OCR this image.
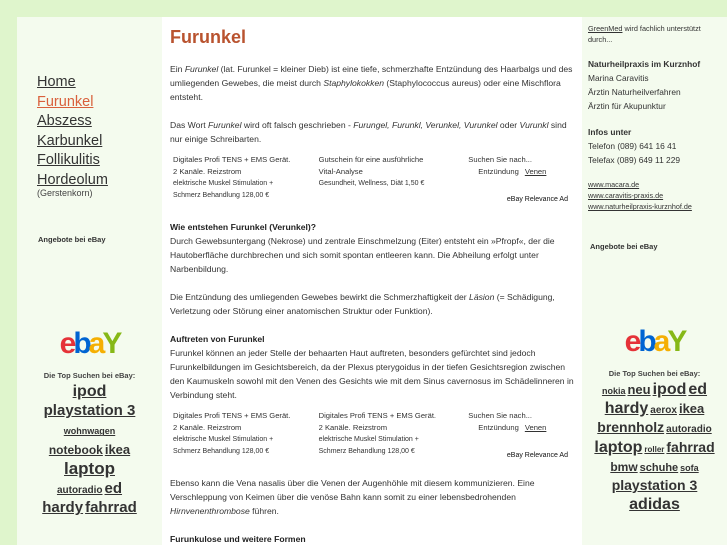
Home
Furunkel
Abszess
Karbunkel
Follikulitis
Hordeolum
(Gerstenkorn)
Angebote bei eBay
ebaY
Die Top Suchen bei eBay:
ipod
playstation 3
wohnwagen
notebook ikea
laptop
autoradio ed
hardy fahrrad
Furunkel

Ein Furunkel (lat. Furunkel = kleiner Dieb) ist eine tiefe, schmerzhafte Entzündung des Haarbalgs und des umliegenden Gewebes, die meist durch Staphylokokken (Staphylococcus aureus) oder eine Mischflora entsteht.

Das Wort Furunkel wird oft falsch geschrieben - Furungel, Furunkl, Verunkel, Vurunkel oder Vurunkl sind nur einige Schreibarten.

Digitales Profi TENS + EMS Gerät.
2 Kanäle. Reizstrom
elektrische Muskel Stimulation +
Schmerz Behandlung 128,00 €
Gutschein für eine ausführliche
Vital-Analyse
Gesundheit, Wellness, Diät 1,50 €
Suchen Sie nach...
Entzündung Venen
eBay Relevance Ad
Wie entstehen Furunkel (Verunkel)?

Durch Gewebsuntergang (Nekrose) und zentrale Einschmelzung (Eiter) entsteht ein »Pfropf«, der die Hautoberfläche durchbrechen und sich somit spontan entleeren kann. Die Abheilung erfolgt unter Narbenbildung.

Die Entzündung des umliegenden Gewebes bewirkt die Schmerzhaftigkeit der Läsion (= Schädigung, Verletzung oder Störung einer anatomischen Struktur oder Funktion).

Auftreten von Furunkel

Furunkel können an jeder Stelle der behaarten Haut auftreten, besonders gefürchtet sind jedoch Furunkelbildungen im Gesichtsbereich, da der Plexus pterygoidus in der tiefen Gesichtsregion zwischen den Kaumuskeln sowohl mit den Venen des Gesichts wie mit dem Sinus cavernosus im Schädelinneren in Verbindung steht.

Digitales Profi TENS + EMS Gerät.
2 Kanäle. Reizstrom
elektrische Muskel Stimulation +
Schmerz Behandlung 128,00 €
Digitales Profi TENS + EMS Gerät.
2 Kanäle. Reizstrom
elektrische Muskel Stimulation +
Schmerz Behandlung 128,00 €
Suchen Sie nach...
Entzündung Venen
eBay Relevance Ad

Ebenso kann die Vena nasalis über die Venen der Augenhöhle mit diesem kommunizieren. Eine Verschleppung von Keimen über die venöse Bahn kann somit zu einer lebensbedrohenden Hirnvenenthrombose führen.

Furunkulose und weitere Formen
GreenMed wird fachlich unterstützt durch...
Naturheilpraxis im Kurznhof
Marina Caravitis
Ärztin Naturheilverfahren
Ärztin für Akupunktur
Infos unter
Telefon (089) 641 16 41
Telefax (089) 649 11 229
www.macara.de
www.caravitis-praxis.de
www.naturheilpraxis-kurznhof.de
Angebote bei eBay
ebaY
Die Top Suchen bei eBay:
nokia neu ipod ed
hardy aerox ikea
brennholz autoradio
laptop roller fahrrad
bmw schuhe sofa
playstation 3
adidas
